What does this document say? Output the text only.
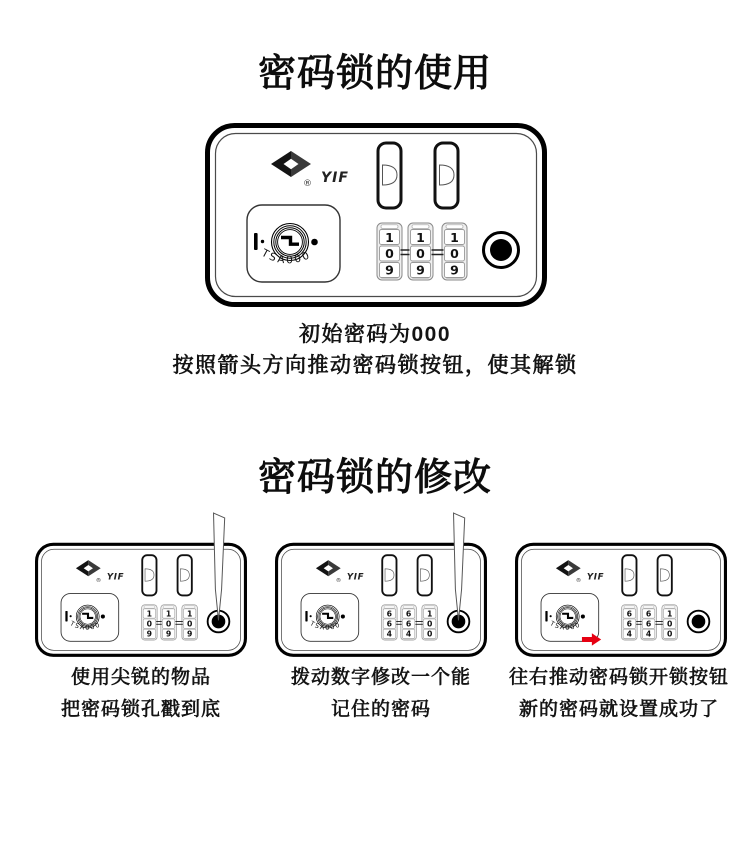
密码锁的使用
® YIF
TSA000
1
0
9
1
0
9
1
0
9
初始密码为000
按照箭头方向推动密码锁按钮，使其解锁
密码锁的修改
® YIF
TSA000
1
0
9
1
0
9
1
0
9
® YIF
TSA000
6
6
4
6
6
4
1
0
0
® YIF
TSA000
6
6
4
6
6
4
1
0
0
使用尖锐的物品
把密码锁孔戳到底
拨动数字修改一个能
记住的密码
往右推动密码锁开锁按钮
新的密码就设置成功了
